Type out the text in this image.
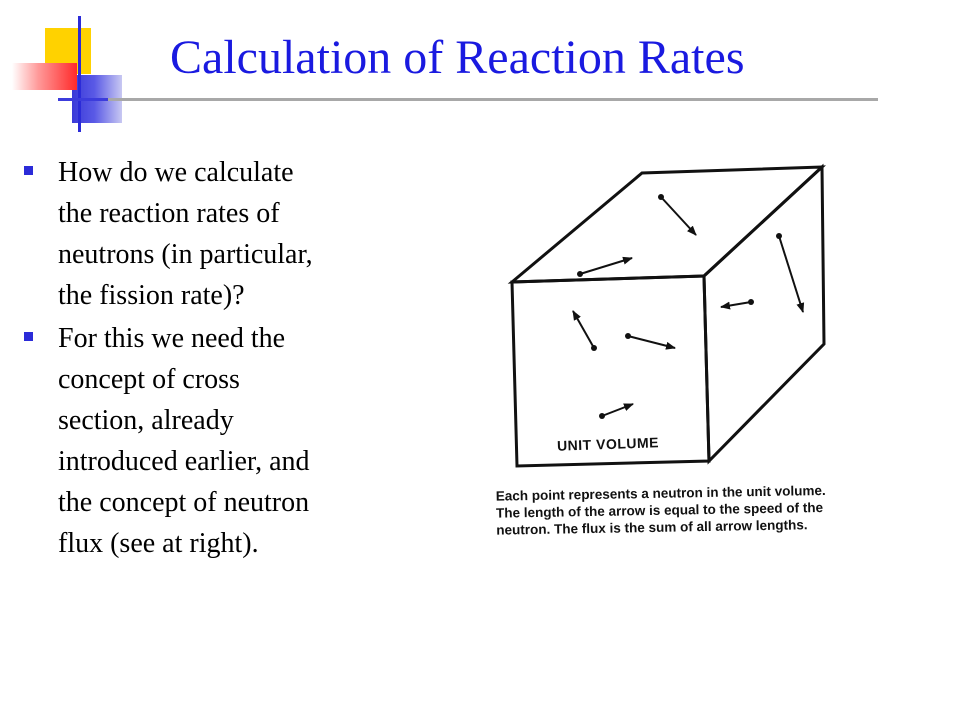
Calculation of Reaction Rates
How do we calculate
the reaction rates of
neutrons (in particular,
the fission rate)?
For this we need the
concept of cross
section, already
introduced earlier, and
the concept of neutron
flux (see at right).
UNIT VOLUME
Each point represents a neutron in the unit volume.
The length of the arrow is equal to the speed of the
neutron. The flux is the sum of all arrow lengths.
